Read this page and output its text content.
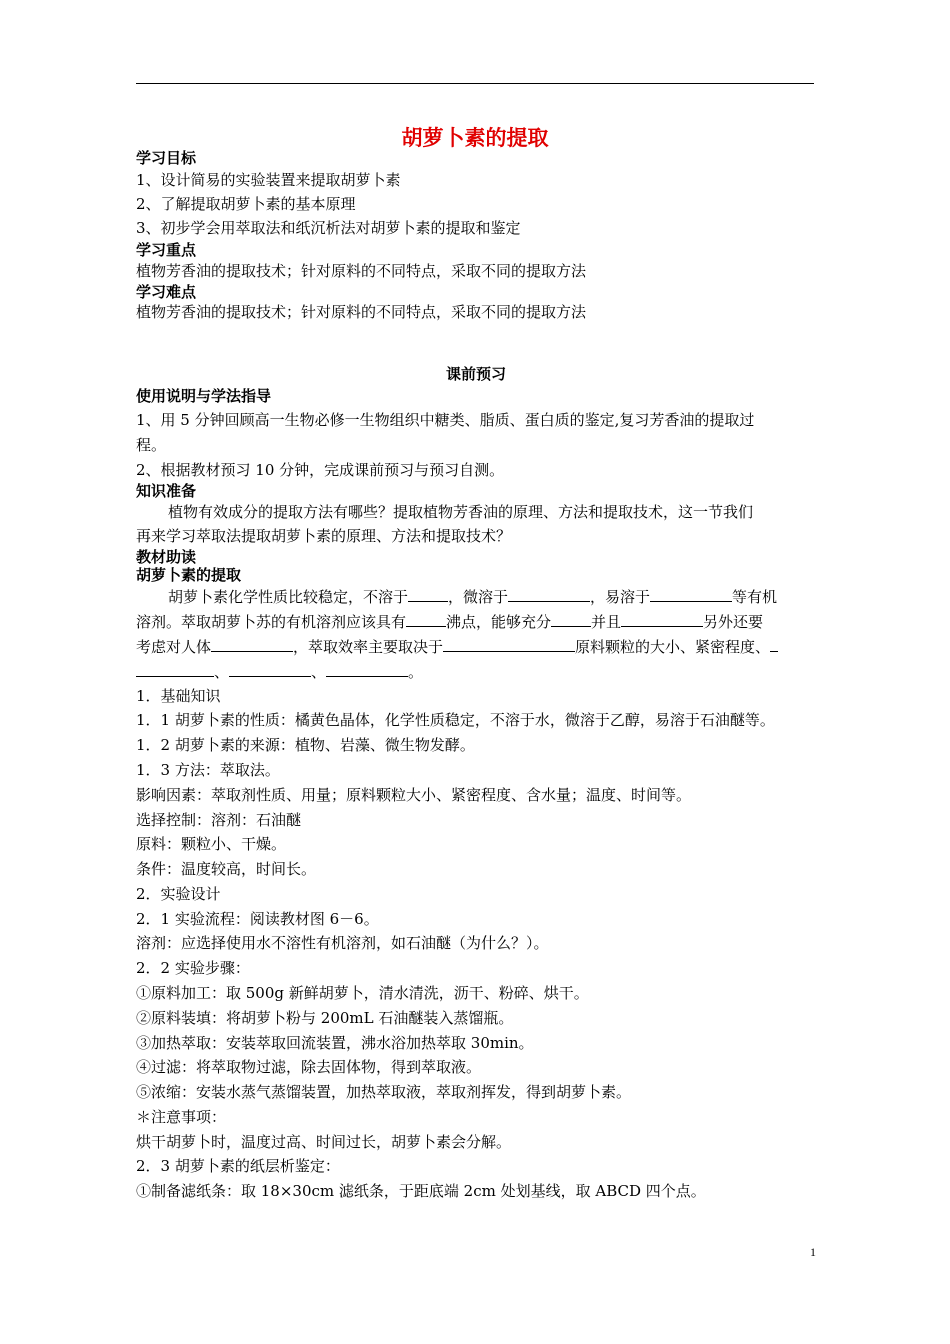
胡萝卜素的提取
学习目标
1、设计简易的实验装置来提取胡萝卜素
2、了解提取胡萝卜素的基本原理
3、初步学会用萃取法和纸沉析法对胡萝卜素的提取和鉴定
学习重点
植物芳香油的提取技术；针对原料的不同特点，采取不同的提取方法
学习难点
植物芳香油的提取技术；针对原料的不同特点，采取不同的提取方法
课前预习
使用说明与学法指导
1、用 5 分钟回顾高一生物必修一生物组织中糖类、脂质、蛋白质的鉴定,复习芳香油的提取过
程。
2、根据教材预习 10 分钟，完成课前预习与预习自测。
知识准备
植物有效成分的提取方法有哪些？提取植物芳香油的原理、方法和提取技术，这一节我们
再来学习萃取法提取胡萝卜素的原理、方法和提取技术？
教材助读
胡萝卜素的提取
胡萝卜素化学性质比较稳定，不溶于	，微溶于	，易溶于	等有机
溶剂。萃取胡萝卜苏的有机溶剂应该具有	沸点，能够充分	并且	另外还要
考虑对人体	，萃取效率主要取决于	原料颗粒的大小、紧密程度、
、	、	。
1．基础知识
1．1 胡萝卜素的性质：橘黄色晶体，化学性质稳定，不溶于水，微溶于乙醇，易溶于石油醚等。
1．2 胡萝卜素的来源：植物、岩藻、微生物发酵。
1．3 方法：萃取法。
影响因素：萃取剂性质、用量；原料颗粒大小、紧密程度、含水量；温度、时间等。
选择控制：溶剂：石油醚
原料：颗粒小、干燥。
条件：温度较高，时间长。
2．实验设计
2．1 实验流程：阅读教材图 6－6。
溶剂：应选择使用水不溶性有机溶剂，如石油醚（为什么？）。
2．2 实验步骤：
①原料加工：取 500g 新鲜胡萝卜，清水清洗，沥干、粉碎、烘干。
②原料装填：将胡萝卜粉与 200mL 石油醚装入蒸馏瓶。
③加热萃取：安装萃取回流装置，沸水浴加热萃取 30min。
④过滤：将萃取物过滤，除去固体物，得到萃取液。
⑤浓缩：安装水蒸气蒸馏装置，加热萃取液，萃取剂挥发，得到胡萝卜素。
＊注意事项：
烘干胡萝卜时，温度过高、时间过长，胡萝卜素会分解。
2．3 胡萝卜素的纸层析鉴定：
①制备滤纸条：取 18×30cm 滤纸条，于距底端 2cm 处划基线，取 ABCD 四个点。
1
